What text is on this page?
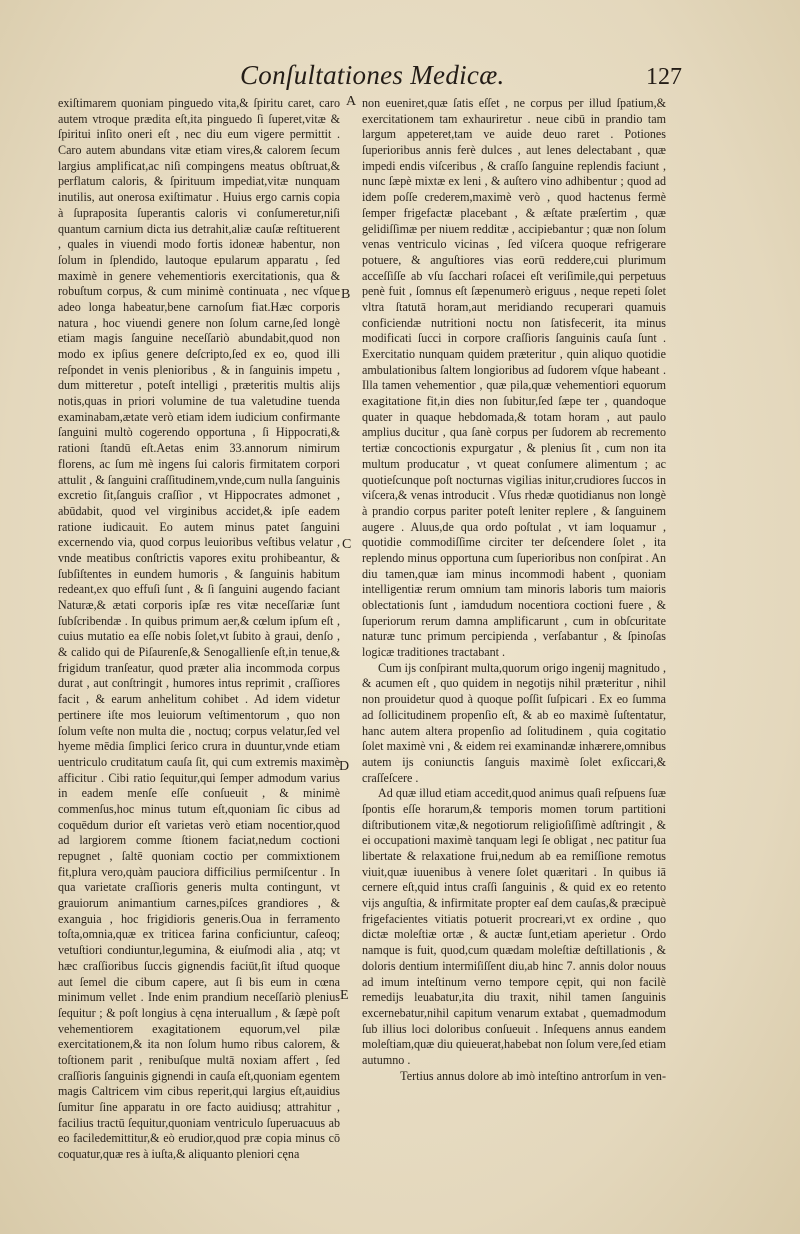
Conſultationes Medicæ.	127

exiſtimarem quoniam pinguedo vita,& ſpiritu caret, caro autem vtroque prædita eſt,ita pinguedo ſi ſuperet,vitæ & ſpiritui inſito oneri eſt , nec diu eum vigere permittit . Caro autem abundans vitæ etiam vires,& calorem ſecum largius amplificat,ac niſi compingens meatus obſtruat,& perflatum caloris, & ſpirituum impediat,vitæ nunquam inutilis, aut onerosa exiſtimatur . Huius ergo carnis copia à ſupraposita ſuperantis caloris vi conſumeretur,niſi quantum carnium dicta ius detrahit,aliæ cauſæ reſtituerent , quales in viuendi modo fortis idoneæ habentur, non ſolum in ſplendido, lautoque epularum apparatu , ſed maximè in genere vehementioris exercitationis, qua & robuſtum corpus, & cum minimè continuata , nec vſque adeo longa habeatur,bene carnoſum fiat.Hæc corporis natura , hoc viuendi genere non ſolum carne,ſed longè etiam magis ſanguine neceſſariò abundabit,quod non modo ex ipſius genere deſcripto,ſed ex eo, quod illi reſpondet in venis plenioribus , & in ſanguinis impetu , dum mitteretur , poteſt intelligi , præteritis multis alijs notis,quas in priori volumine de tua valetudine tuenda examinabam,ætate verò etiam idem iudicium confirmante ſanguini multò cogerendo opportuna , ſi Hippocrati,& rationi ſtandū eſt.Aetas enim 33.annorum nimirum florens, ac ſum mè ingens ſui caloris firmitatem corpori attulit , & ſanguini craſſitudinem,vnde,cum nulla ſanguinis excretio ſit,ſanguis craſſior , vt Hippocrates admonet , abūdabit, quod vel virginibus accidet,& ipſe eadem ratione iudicauit. Eo autem minus patet ſanguini excernendo via, quod corpus leuioribus veſtibus velatur , vnde meatibus conſtrictis vapores exitu prohibeantur, & ſubſiſtentes in eundem humoris , & ſanguinis habitum redeant,ex quo effuſi ſunt , & ſi ſanguini augendo faciant Naturæ,& ætati corporis ipſæ res vitæ neceſſariæ ſunt ſubſcribendæ . In quibus primum aer,& cœlum ipſum eſt , cuius mutatio ea eſſe nobis ſolet,vt ſubito à graui, denſo , & calido qui de Piſaurenſe,& Senogallienſe eſt,in tenue,& frigidum tranſeatur, quod præter alia incommoda corpus durat , aut conſtringit , humores intus reprimit , craſſiores facit , & earum anhelitum cohibet . Ad idem videtur pertinere iſte mos leuiorum veſtimentorum , quo non ſolum veſte non multa die , noctuq; corpus velatur,ſed vel hyeme mēdia ſimplici ſerico crura in duuntur,vnde etiam uentriculo cruditatum cauſa ſit, qui cum extremis maximè afficitur . Cibi ratio ſequitur,qui ſemper admodum varius in eadem menſe eſſe conſueuit , & minimè commenſus,hoc minus tutum eſt,quoniam ſic cibus ad coquēdum durior eſt varietas verò etiam nocentior,quod ad largiorem comme ſtionem faciat,nedum coctioni repugnet , ſaltē quoniam coctio per commixtionem fit,plura vero,quàm pauciora difficilius permiſcentur . In qua varietate craſſioris generis multa contingunt, vt grauiorum animantium carnes,piſces grandiores , & exanguia , hoc frigidioris generis.Oua in ferramento toſta,omnia,quæ ex triticea farina conficiuntur, caſeoq; vetuſtiori condiuntur,legumina, & eiuſmodi alia , atq; vt hæc craſſioribus ſuccis gignendis faciūt,ſit iſtud quoque aut ſemel die cibum capere, aut ſi bis eum in cœna minimum vellet . Inde enim prandium neceſſariò plenius ſequitur ; & poſt longius à cęna interuallum , & ſæpè poſt vehementiorem exagitationem equorum,vel pilæ exercitationem,& ita non ſolum humo ribus calorem, & toſtionem parit , renibuſque multā noxiam affert , ſed craſſioris ſanguinis gignendi in cauſa eſt,quoniam egentem magis Caltricem vim cibus reperit,qui largius eſt,auidius ſumitur ſine apparatu in ore facto auidiusq; attrahitur , facilius tractū ſequitur,quoniam ventriculo ſuperuacuus ab eo faciledemittitur,& eò erudior,quod præ copia minus cō coquatur,quæ res à iuſta,& aliquanto pleniori cęna

A
B
C
D
E

non eueniret,quæ ſatis eſſet , ne corpus per illud ſpatium,& exercitationem tam exhauriretur . neue cibū in prandio tam largum appeteret,tam ve auide deuo raret . Potiones ſuperioribus annis ferè dulces , aut lenes delectabant , quæ impedi endis viſceribus , & craſſo ſanguine replendis faciunt , nunc ſæpè mixtæ ex leni , & auſtero vino adhibentur ; quod ad idem poſſe crederem,maximè verò , quod hactenus fermè ſemper frigefactæ placebant , & æſtate præſertim , quæ gelidiſſimæ per niuem redditæ , accipiebantur ; quæ non ſolum venas ventriculo vicinas , ſed viſcera quoque refrigerare potuere, & anguſtiores vias eorū reddere,cui plurimum acceſſiſſe ab vſu ſacchari roſacei eſt veriſimile,qui perpetuus penè fuit , ſomnus eſt ſæpenumerò eriguus , neque repeti ſolet vltra ſtatutā horam,aut meridiando recuperari quamuis conficiendæ nutritioni noctu non ſatisfecerit, ita minus modificati ſucci in corpore craſſioris ſanguinis cauſa ſunt . Exercitatio nunquam quidem præteritur , quin aliquo quotidie ambulationibus ſaltem longioribus ad ſudorem vſque habeant . Illa tamen vehementior , quæ pila,quæ vehementiori equorum exagitatione fit,in dies non ſubitur,ſed ſæpe ter , quandoque quater in quaque hebdomada,& totam horam , aut paulo amplius ducitur , qua ſanè corpus per ſudorem ab recremento tertiæ concoctionis expurgatur , & plenius ſit , cum non ita multum producatur , vt queat conſumere alimentum ; ac quotieſcunque poſt nocturnas vigilias initur,crudiores ſuccos in viſcera,& venas introducit . Vſus rhedæ quotidianus non longè à prandio corpus pariter poteſt leniter replere , & ſanguinem augere . Aluus,de qua ordo poſtulat , vt iam loquamur , quotidie commodiſſime circiter ter deſcendere ſolet , ita replendo minus opportuna cum ſuperioribus non conſpirat . An diu tamen,quæ iam minus incommodi habent , quoniam intelligentiæ rerum omnium tam minoris laboris tum maioris oblectationis ſunt , iamdudum nocentiora coctioni fuere , & ſuperiorum rerum damna amplificarunt , cum in obſcuritate naturæ tunc primum percipienda , verſabantur , & ſpinoſas logicæ traditiones tractabant .

Cum ijs conſpirant multa,quorum origo ingenij magnitudo , & acumen eſt , quo quidem in negotijs nihil præteritur , nihil non prouidetur quod à quoque poſſit ſuſpicari . Ex eo ſumma ad ſollicitudinem propenſio eſt, & ab eo maximè ſuſtentatur, hanc autem altera propenſio ad ſolitudinem , quia cogitatio ſolet maximè vni , & eidem rei examinandæ inhærere,omnibus autem ijs coniunctis ſanguis maximè ſolet exſiccari,& craſſeſcere .

Ad quæ illud etiam accedit,quod animus quaſi reſpuens ſuæ ſpontis eſſe horarum,& temporis momen torum partitioni diſtributionem vitæ,& negotiorum religioſiſſimè adſtringit , & ei occupationi maximè tanquam legi ſe obligat , nec patitur ſua libertate & relaxatione frui,nedum ab ea remiſſione remotus viuit,quæ iuuenibus à venere ſolet quæritari . In quibus iā cernere eſt,quid intus craſſi ſanguinis , & quid ex eo retento vijs anguſtia, & infirmitate propter eaſ dem cauſas,& præcipuè frigefacientes vitiatis potuerit procreari,vt ex ordine , quo dictæ moleſtiæ ortæ , & auctæ ſunt,etiam aperietur . Ordo namque is fuit, quod,cum quædam moleſtiæ deſtillationis , & doloris dentium intermiſiſſent diu,ab hinc 7. annis dolor nouus ad imum inteſtinum verno tempore cępit, qui non facilè remedijs leuabatur,ita diu traxit, nihil tamen ſanguinis excernebatur,nihil capitum venarum extabat , quemadmodum ſub illius loci doloribus conſueuit . Inſequens annus eandem moleſtiam,quæ diu quieuerat,habebat non ſolum vere,ſed etiam autumno .

Tertius annus dolore ab imò inteſtino antrorſum in ven-
